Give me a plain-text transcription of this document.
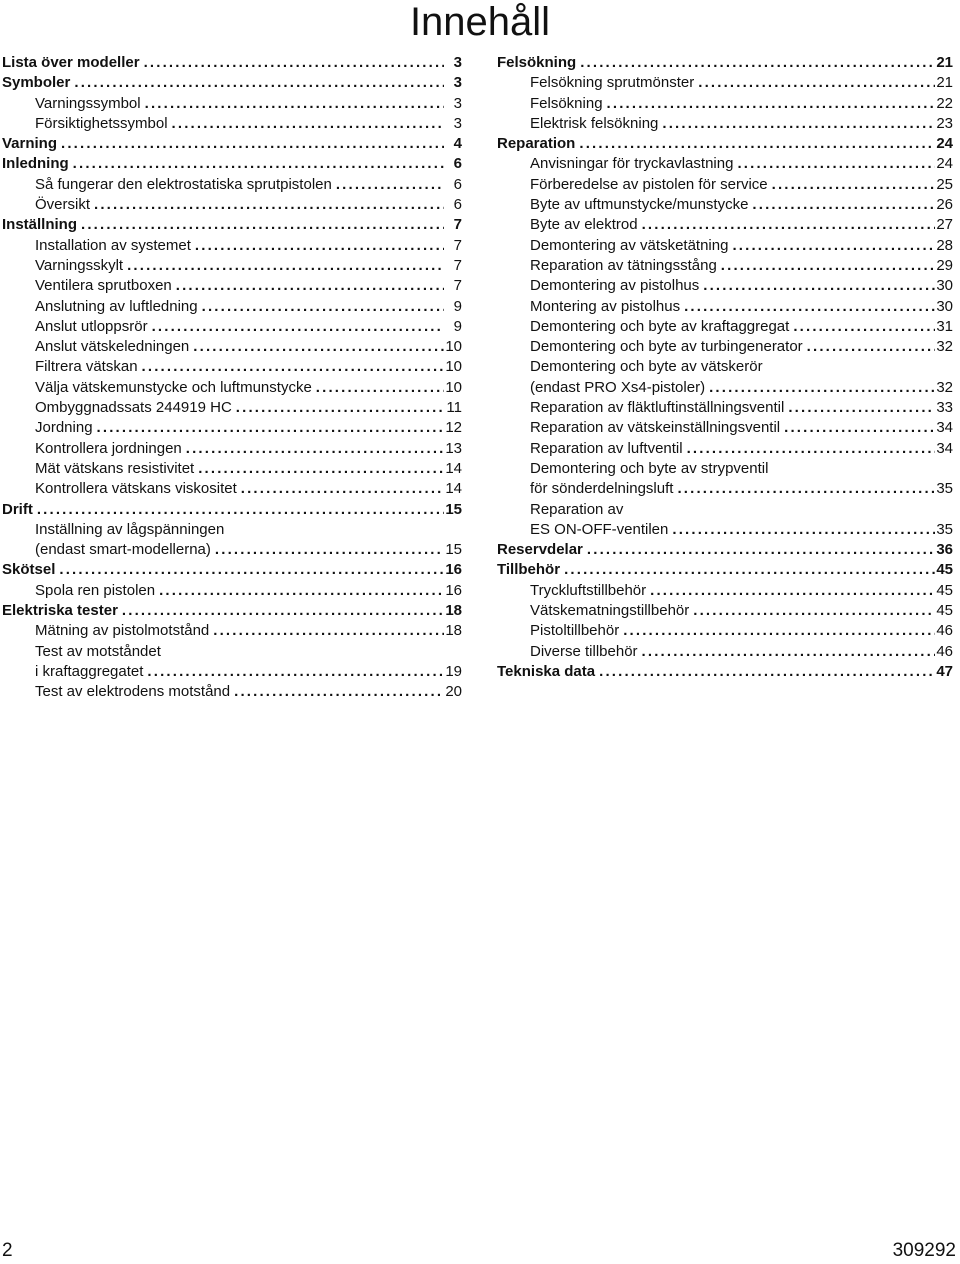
Innehåll
Lista över modeller . . .	3
Symboler . . .	3
Varningssymbol . . .	3
Försiktighetssymbol . . .	3
Varning . . .	4
Inledning . . .	6
Så fungerar den elektrostatiska sprutpistolen . . .	6
Översikt . . .	6
Inställning . . .	7
Installation av systemet . . .	7
Varningsskylt . . .	7
Ventilera sprutboxen . . .	7
Anslutning av luftledning . . .	9
Anslut utloppsrör . . .	9
Anslut vätskeledningen . . .	10
Filtrera vätskan . . .	10
Välja vätskemunstycke och luftmunstycke . . .	10
Ombyggnadssats 244919 HC . . .	11
Jordning . . .	12
Kontrollera jordningen . . .	13
Mät vätskans resistivitet . . .	14
Kontrollera vätskans viskositet . . .	14
Drift . . .	15
Inställning av lågspänningen
(endast smart-modellerna) . . .	15
Skötsel . . .	16
Spola ren pistolen . . .	16
Elektriska tester . . .	18
Mätning av pistolmotstånd . . .	18
Test av motståndet
i kraftaggregatet . . .	19
Test av elektrodens motstånd . . .	20
Felsökning . . .	21
Felsökning sprutmönster . . .	21
Felsökning . . .	22
Elektrisk felsökning . . .	23
Reparation . . .	24
Anvisningar för tryckavlastning . . .	24
Förberedelse av pistolen för service . . .	25
Byte av uftmunstycke/munstycke . . .	26
Byte av elektrod . . .	27
Demontering av vätsketätning . . .	28
Reparation av tätningsstång . . .	29
Demontering av pistolhus . . .	30
Montering av pistolhus . . .	30
Demontering och byte av kraftaggregat . . .	31
Demontering och byte av turbingenerator . . .	32
Demontering och byte av vätskerör
(endast PRO Xs4-pistoler) . . .	32
Reparation av fläktluftinställningsventil . . .	33
Reparation av vätskeinställningsventil . . .	34
Reparation av luftventil . . .	34
Demontering och byte av strypventil
för sönderdelningsluft . . .	35
Reparation av
ES ON-OFF-ventilen . . .	35
Reservdelar . . .	36
Tillbehör . . .	45
Tryckluftstillbehör . . .	45
Vätskematningstillbehör . . .	45
Pistoltillbehör . . .	46
Diverse tillbehör . . .	46
Tekniska data . . .	47
2	309292
